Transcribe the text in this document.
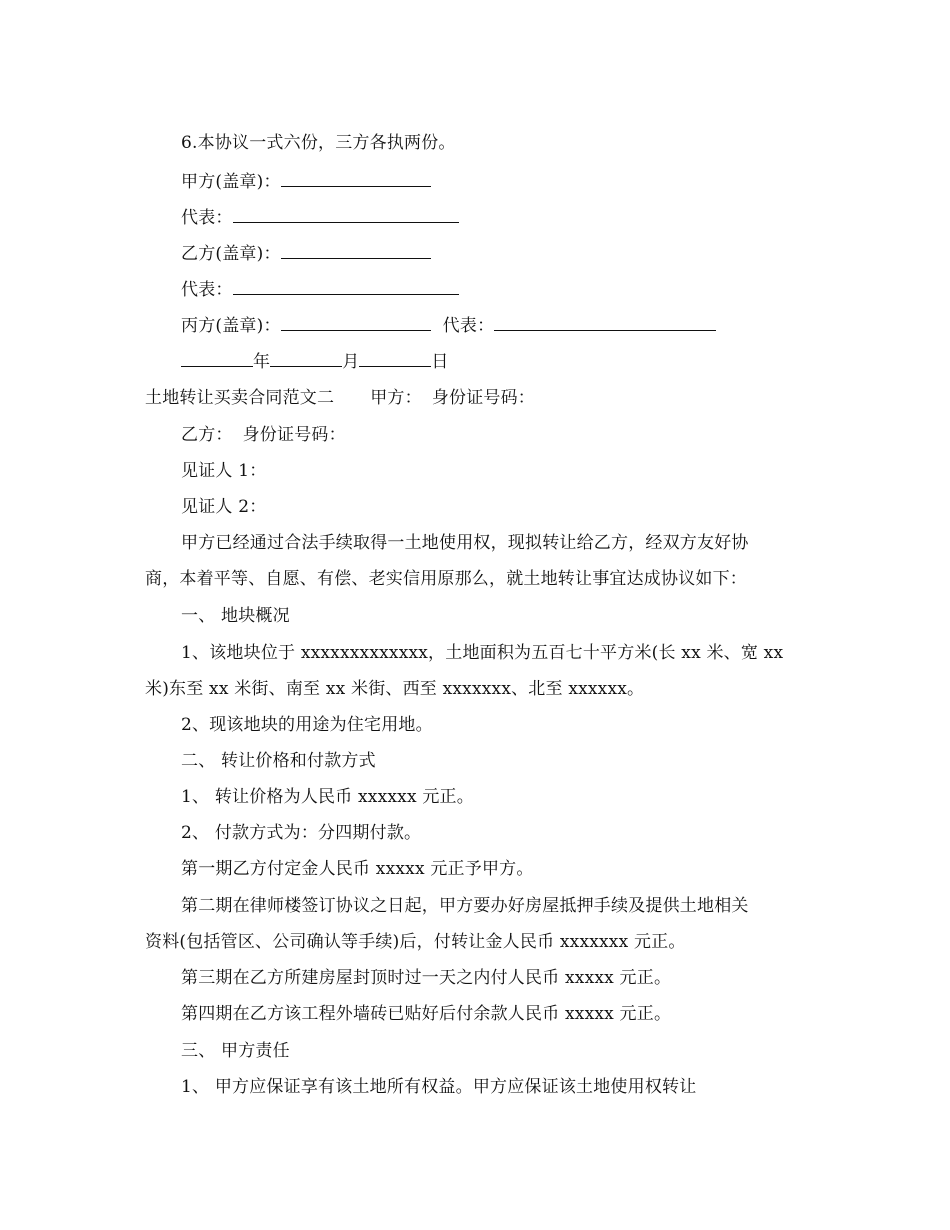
6.本协议一式六份，三方各执两份。
甲方(盖章)：
代表：
乙方(盖章)：
代表：
丙方(盖章)：	代表：
年	月	日
土地转让买卖合同范文二 甲方： 身份证号码：
乙方： 身份证号码：
见证人 1：
见证人 2：
甲方已经通过合法手续取得一土地使用权，现拟转让给乙方，经双方友好协
商，本着平等、自愿、有偿、老实信用原那么，就土地转让事宜达成协议如下：
一、 地块概况
1、该地块位于 xxxxxxxxxxxxx，土地面积为五百七十平方米(长 xx 米、宽 xx
米)东至 xx 米街、南至 xx 米街、西至 xxxxxxx、北至 xxxxxx。
2、现该地块的用途为住宅用地。
二、 转让价格和付款方式
1、 转让价格为人民币 xxxxxx 元正。
2、 付款方式为：分四期付款。
第一期乙方付定金人民币 xxxxx 元正予甲方。
第二期在律师楼签订协议之日起，甲方要办好房屋抵押手续及提供土地相关
资料(包括管区、公司确认等手续)后，付转让金人民币 xxxxxxx 元正。
第三期在乙方所建房屋封顶时过一天之内付人民币 xxxxx 元正。
第四期在乙方该工程外墙砖已贴好后付余款人民币 xxxxx 元正。
三、 甲方责任
1、 甲方应保证享有该土地所有权益。甲方应保证该土地使用权转让
